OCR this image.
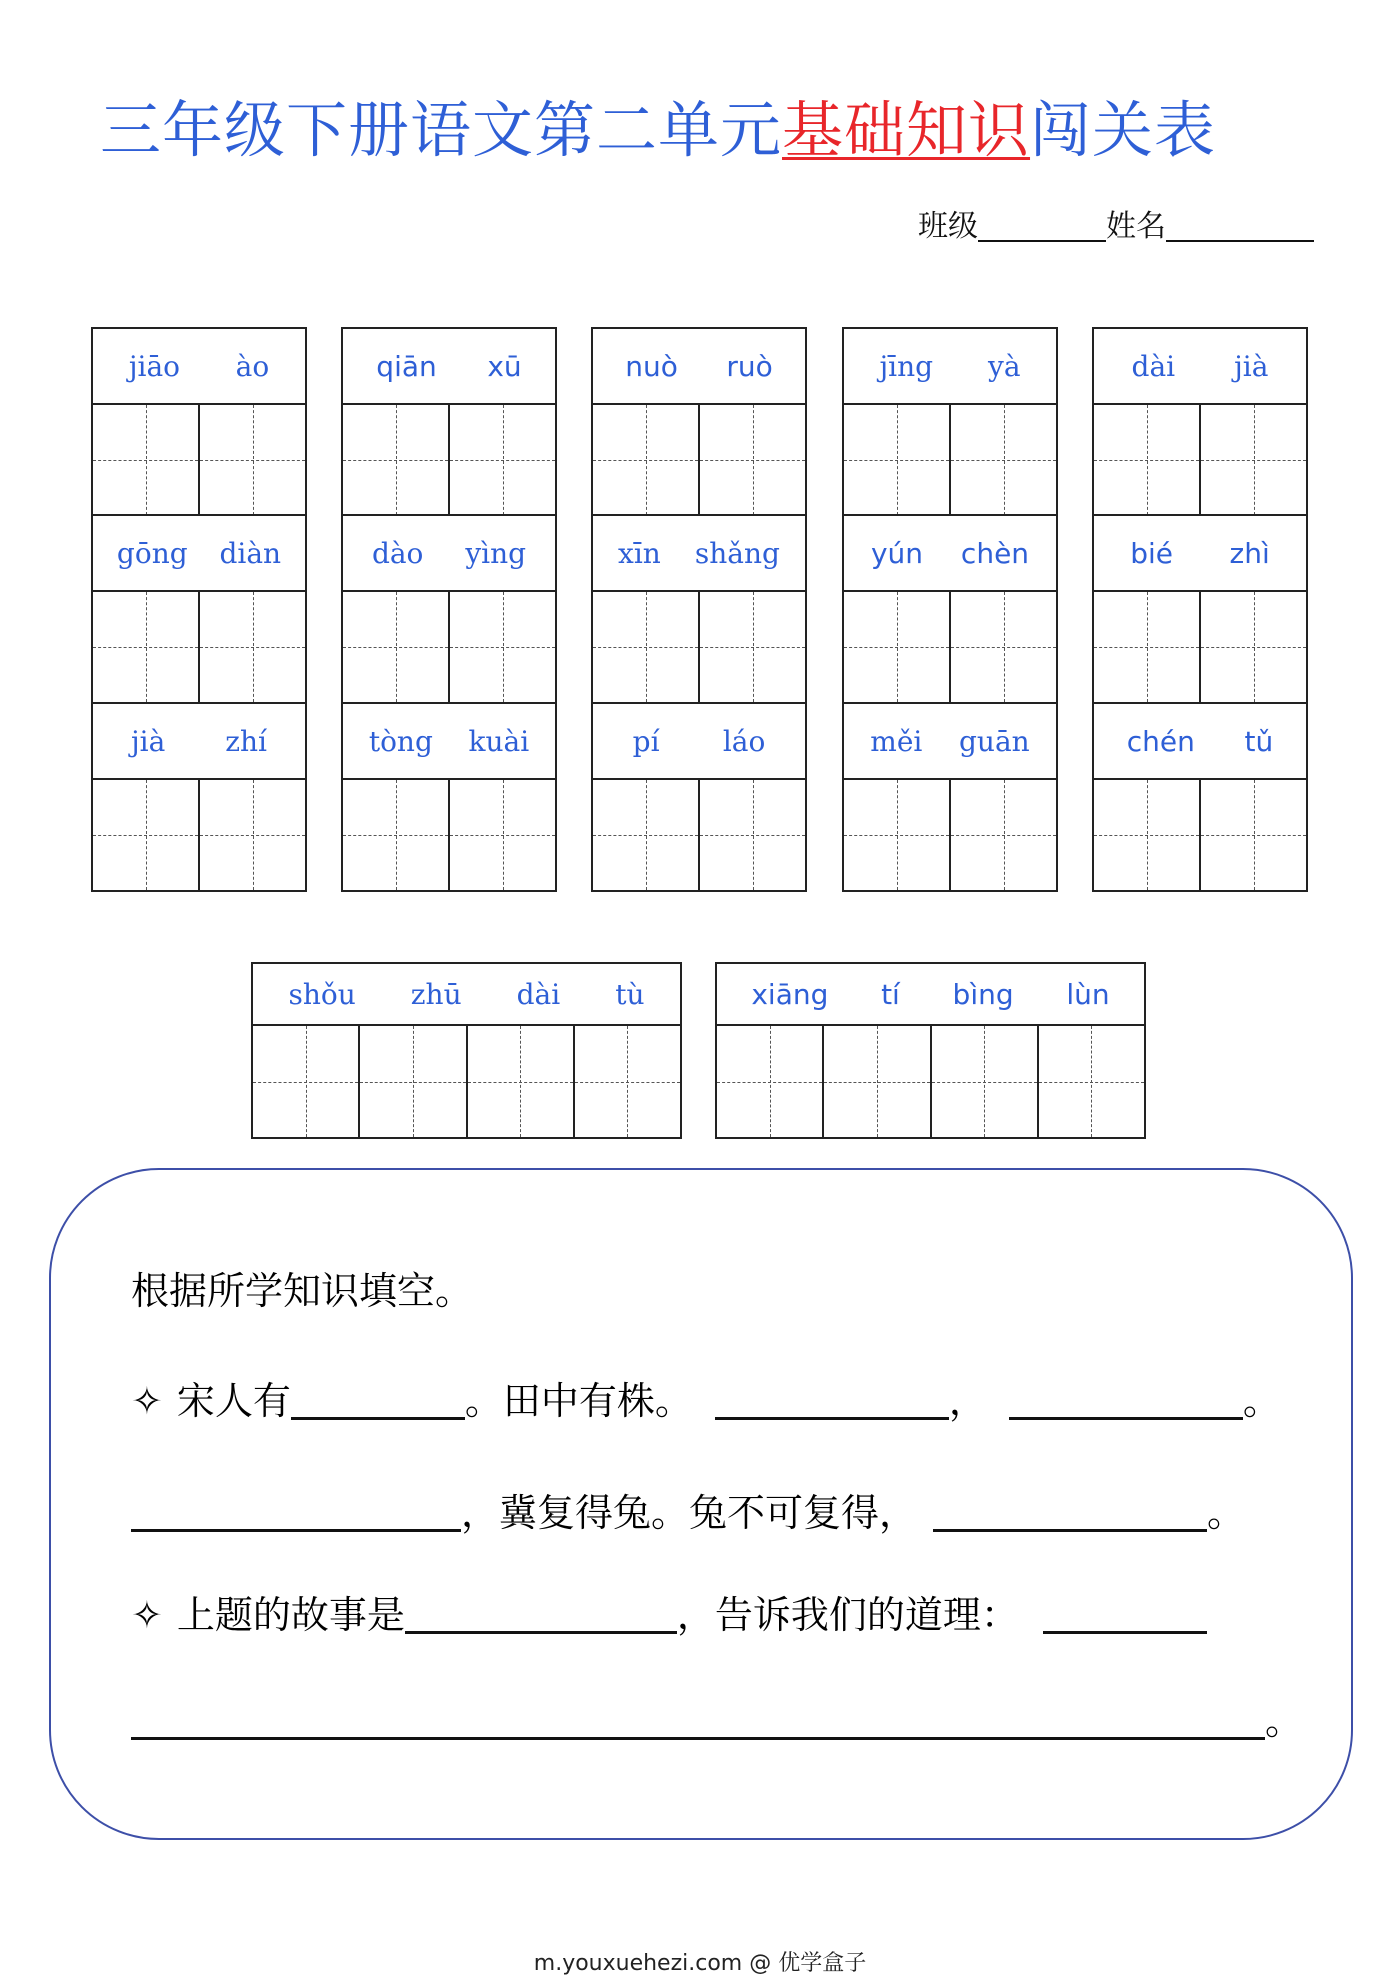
三年级下册语文第二单元基础知识闯关表
班级	姓名
jiāo ào	qiān xū	nuò ruò	jīng yà	dài jià
gōng diàn	dào yìng	xīn shǎng	yún chèn	bié zhì
jià zhí	tòng kuài	pí láo	měi guān	chén tǔ
shǒu zhū dài tù	xiāng tí bìng lùn
根据所学知识填空。
✧ 宋人有	。田中有株。	，	。
，冀复得兔。兔不可复得，	。
✧ 上题的故事是	，告诉我们的道理：
。
m.youxuehezi.com @ 优学盒子
